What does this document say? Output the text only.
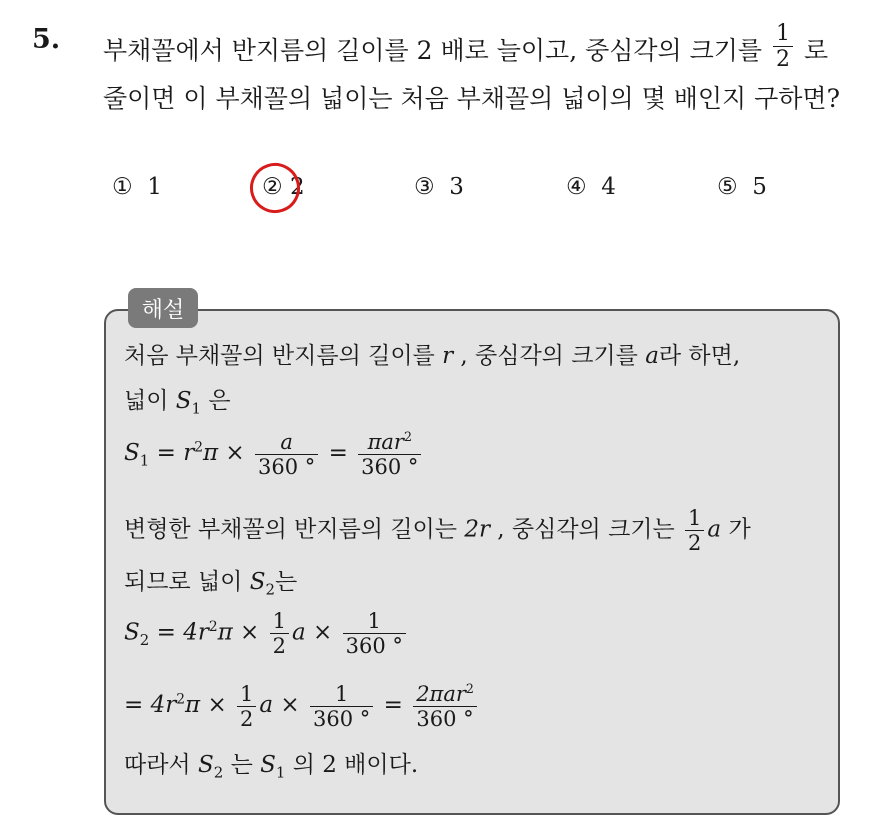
5. 부채꼴에서 반지름의 길이를 2 배로 늘이고, 중심각의 크기를 $\frac{1}{2}$ 로
줄이면 이 부채꼴의 넓이는 처음 부채꼴의 넓이의 몇 배인지 구하면?
① 1	② 2	③ 3	④ 4	⑤ 5
해설
처음 부채꼴의 반지름의 길이를 r , 중심각의 크기를 a라 하면,
넓이 $S_1$ 은
$S_1 = r^2\pi \times \frac{a}{360 ^\circ} = \frac{\pi ar^2}{360 ^\circ}$
변형한 부채꼴의 반지름의 길이는 2r , 중심각의 크기는 $\frac{1}{2}$ a 가
되므로 넓이 $S_2$는
$S_2 = 4r^2\pi \times \frac{1}{2}$ $a \times \frac{1}{360 ^\circ}$
= $4r^2\pi \times \frac{1}{2}$ $a \times \frac{1}{360 ^\circ} = \frac{2\pi ar^2}{360 ^\circ}$
따라서 $S_2$ 는 $S_1$ 의 2 배이다.
